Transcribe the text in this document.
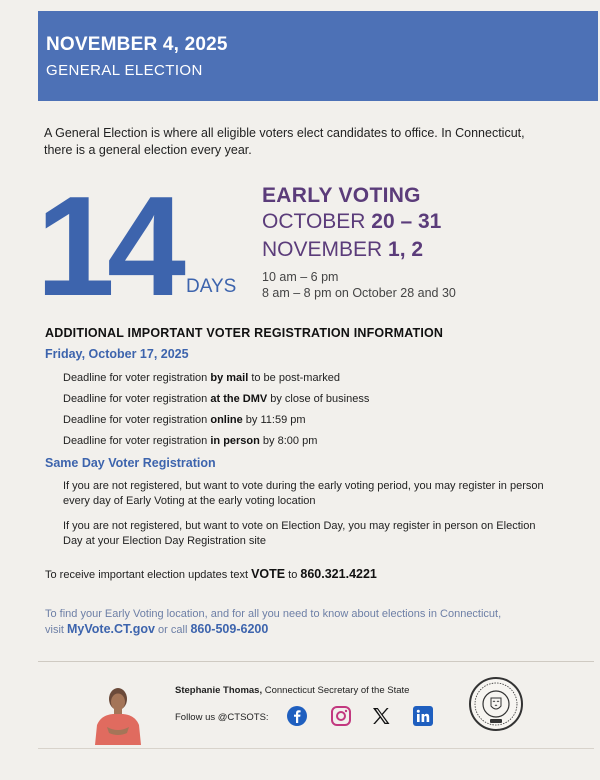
NOVEMBER 4, 2025
GENERAL ELECTION
A General Election is where all eligible voters elect candidates to office. In Connecticut, there is a general election every year.
14 DAYS
EARLY VOTING
OCTOBER 20 – 31
NOVEMBER 1, 2
10 am – 6 pm
8 am – 8 pm on October 28 and 30
ADDITIONAL IMPORTANT VOTER REGISTRATION INFORMATION
Friday, October 17, 2025
Deadline for voter registration by mail to be post-marked
Deadline for voter registration at the DMV by close of business
Deadline for voter registration online by 11:59 pm
Deadline for voter registration in person by 8:00 pm
Same Day Voter Registration
If you are not registered, but want to vote during the early voting period, you may register in person every day of Early Voting at the early voting location
If you are not registered, but want to vote on Election Day, you may register in person on Election Day at your Election Day Registration site
To receive important election updates text VOTE to 860.321.4221
To find your Early Voting location, and for all you need to know about elections in Connecticut,
visit MyVote.CT.gov or call 860-509-6200
Stephanie Thomas, Connecticut Secretary of the State
Follow us @CTSOTS:
